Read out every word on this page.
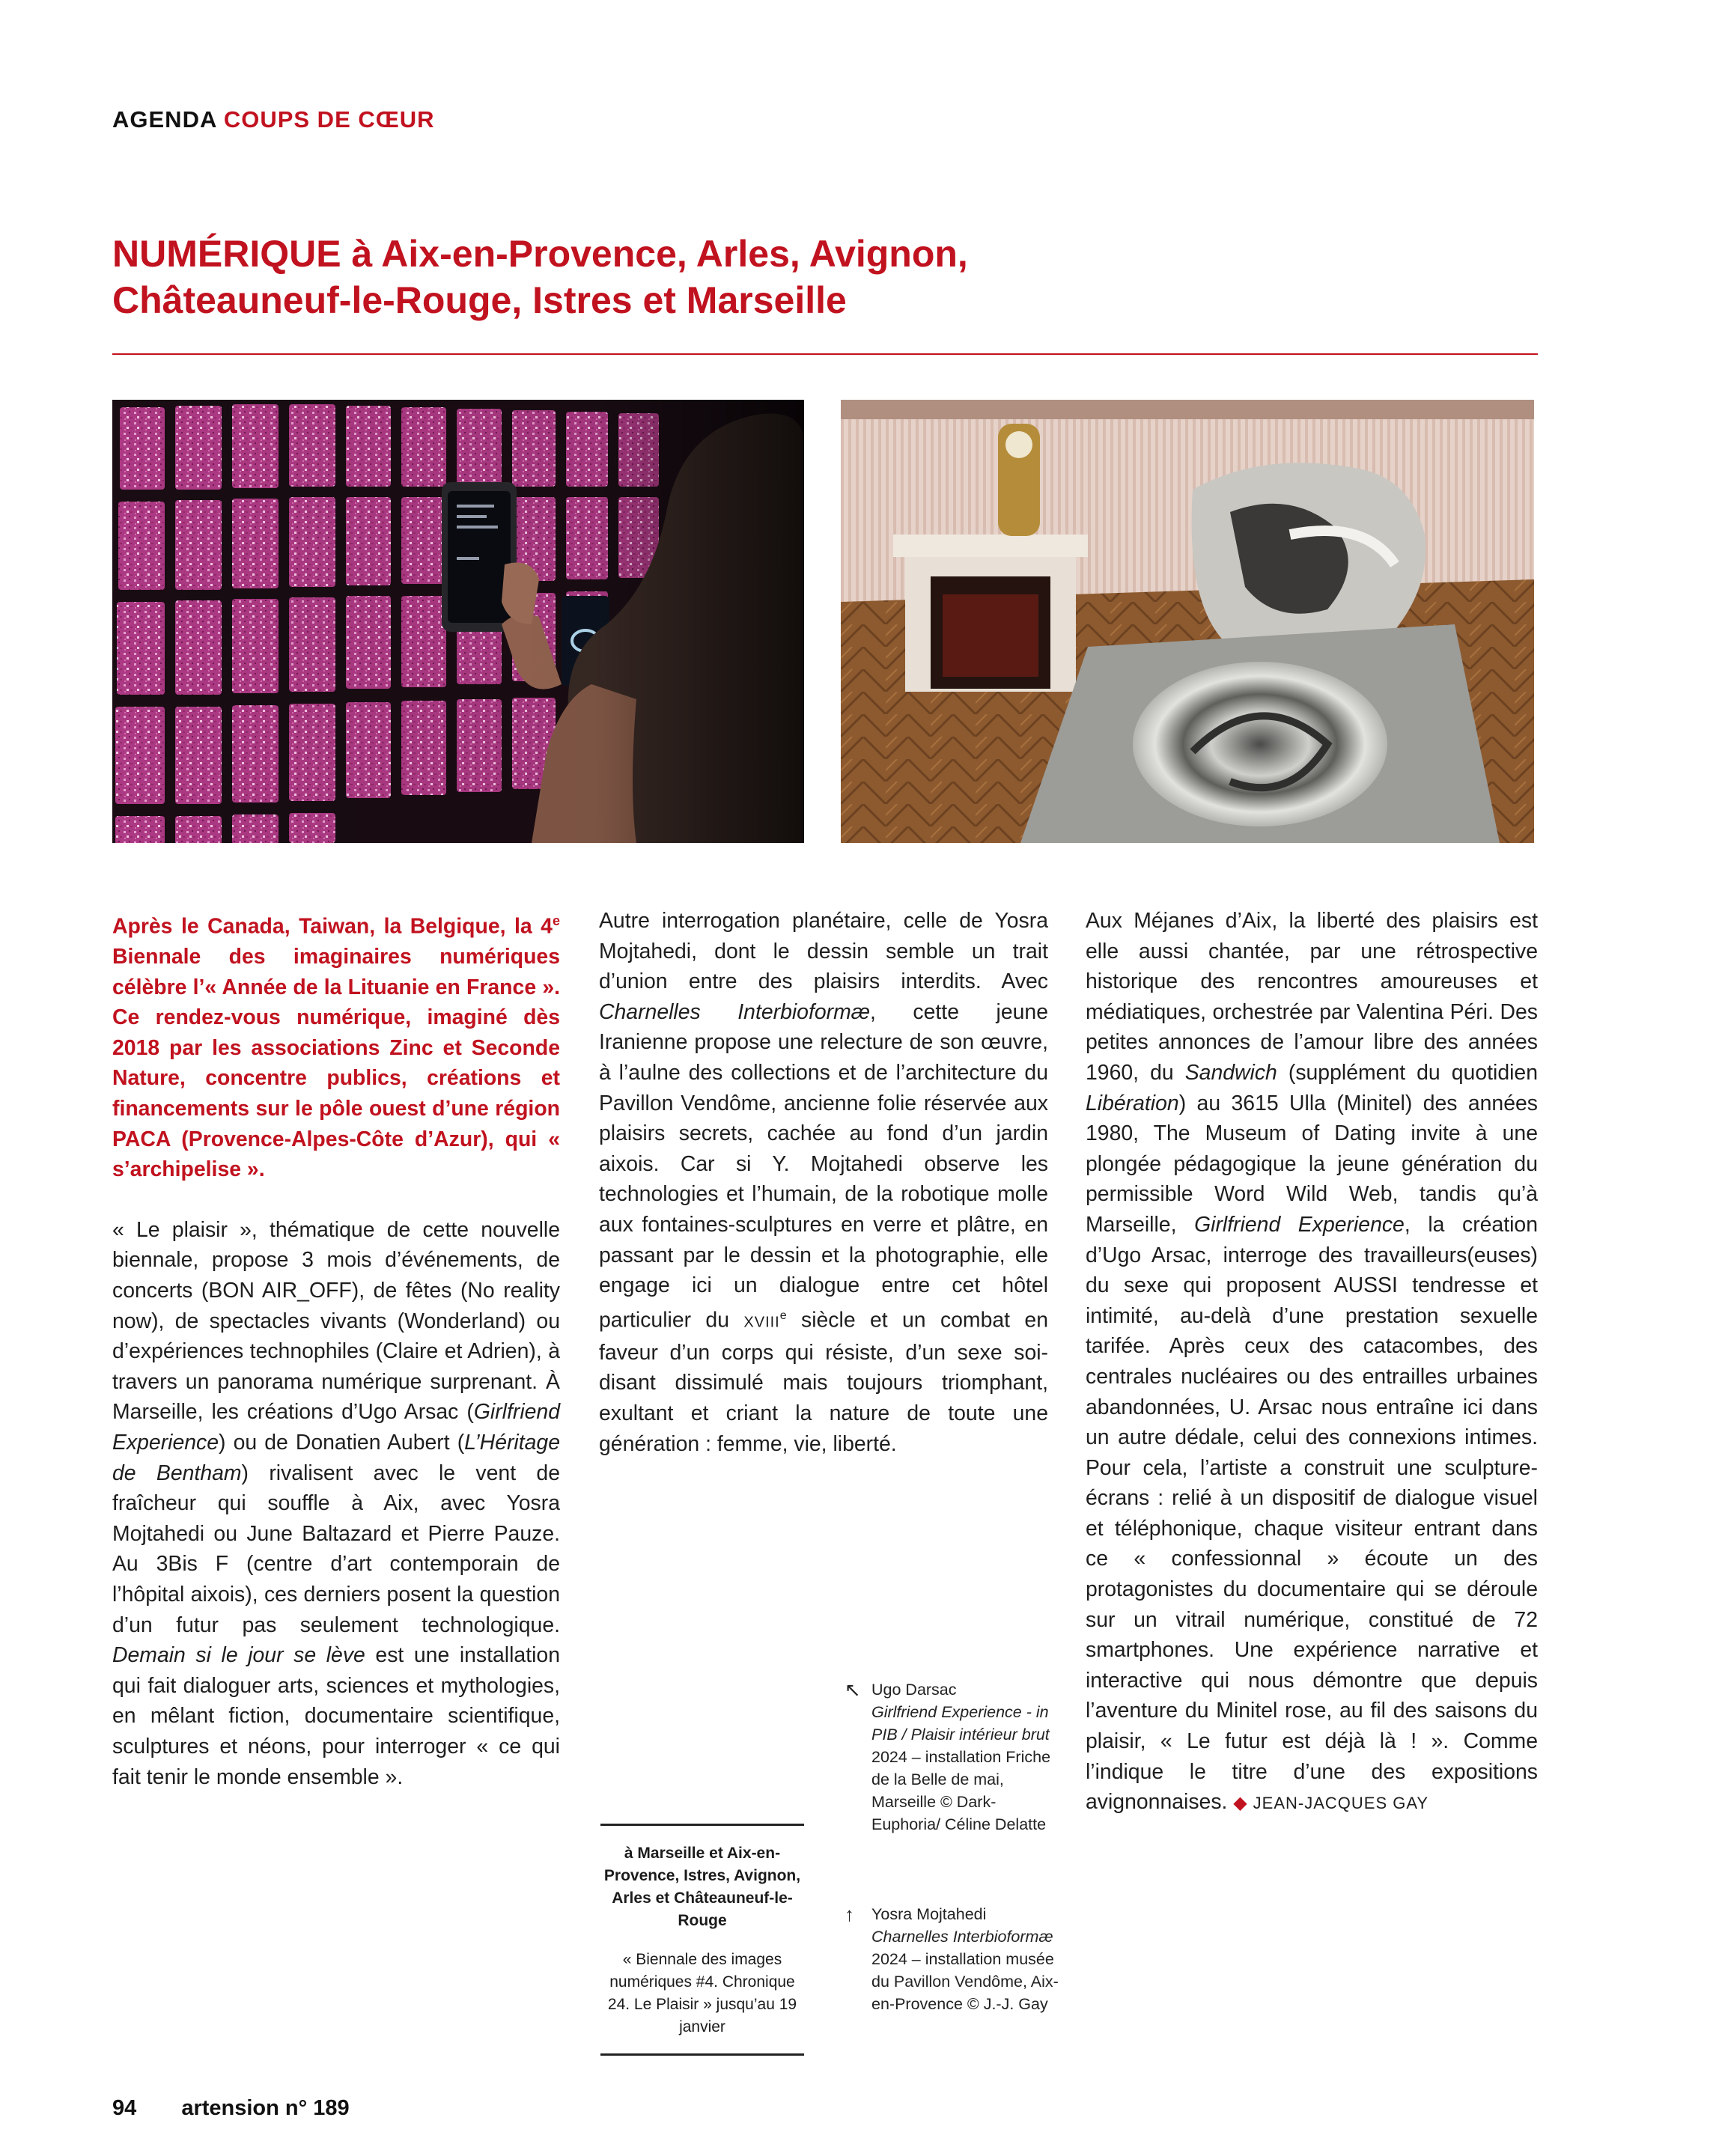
AGENDA COUPS DE CŒUR
NUMÉRIQUE à Aix-en-Provence, Arles, Avignon,
Châteauneuf-le-Rouge, Istres et Marseille

Après le Canada, Taiwan, la Belgique, la 4e Biennale des imaginaires numériques célèbre l’« Année de la Lituanie en France ». Ce rendez-vous numérique, imaginé dès 2018 par les associations Zinc et Seconde Nature, concentre publics, créations et financements sur le pôle ouest d’une région PACA (Provence-Alpes-Côte d’Azur), qui « s’archipelise ».

« Le plaisir », thématique de cette nouvelle biennale, propose 3 mois d’événements, de concerts (BON AIR_OFF), de fêtes (No reality now), de spectacles vivants (Wonderland) ou d’expériences technophiles (Claire et Adrien), à travers un panorama numérique surprenant. À Marseille, les créations d’Ugo Arsac (Girlfriend Experience) ou de Donatien Aubert (L’Héritage de Bentham) rivalisent avec le vent de fraîcheur qui souffle à Aix, avec Yosra Mojtahedi ou June Baltazard et Pierre Pauze. Au 3Bis F (centre d’art contemporain de l’hôpital aixois), ces derniers posent la question d’un futur pas seulement technologique. Demain si le jour se lève est une installation qui fait dialoguer arts, sciences et mythologies, en mêlant fiction, documentaire scientifique, sculptures et néons, pour interroger « ce qui fait tenir le monde ensemble ».

Autre interrogation planétaire, celle de Yosra Mojtahedi, dont le dessin semble un trait d’union entre des plaisirs interdits. Avec Charnelles Interbioformæ, cette jeune Iranienne propose une relecture de son œuvre, à l’aulne des collections et de l’architecture du Pavillon Vendôme, ancienne folie réservée aux plaisirs secrets, cachée au fond d’un jardin aixois. Car si Y. Mojtahedi observe les technologies et l’humain, de la robotique molle aux fontaines-sculptures en verre et plâtre, en passant par le dessin et la photographie, elle engage ici un dialogue entre cet hôtel particulier du XVIIIe siècle et un combat en faveur d’un corps qui résiste, d’un sexe soi-disant dissimulé mais toujours triomphant, exultant et criant la nature de toute une génération : femme, vie, liberté.

Aux Méjanes d’Aix, la liberté des plaisirs est elle aussi chantée, par une rétrospective historique des rencontres amoureuses et médiatiques, orchestrée par Valentina Péri. Des petites annonces de l’amour libre des années 1960, du Sandwich (supplément du quotidien Libération) au 3615 Ulla (Minitel) des années 1980, The Museum of Dating invite à une plongée pédagogique la jeune génération du permissible Word Wild Web, tandis qu’à Marseille, Girlfriend Experience, la création d’Ugo Arsac, interroge des travailleurs(euses) du sexe qui proposent AUSSI tendresse et intimité, au-delà d’une prestation sexuelle tarifée. Après ceux des catacombes, des centrales nucléaires ou des entrailles urbaines abandonnées, U. Arsac nous entraîne ici dans un autre dédale, celui des connexions intimes. Pour cela, l’artiste a construit une sculpture-écrans : relié à un dispositif de dialogue visuel et téléphonique, chaque visiteur entrant dans ce « confessionnal » écoute un des protagonistes du documentaire qui se déroule sur un vitrail numérique, constitué de 72 smartphones. Une expérience narrative et interactive qui nous démontre que depuis l’aventure du Minitel rose, au fil des saisons du plaisir, « Le futur est déjà là ! ». Comme l’indique le titre d’une des expositions avignonnaises. ◆ JEAN-JACQUES GAY

à Marseille et Aix-en-Provence, Istres, Avignon, Arles et Châteauneuf-le-Rouge
« Biennale des images numériques #4. Chronique 24. Le Plaisir » jusqu’au 19 janvier
↖ Ugo Darsac
Girlfriend Experience - in PIB / Plaisir intérieur brut
2024 – installation Friche de la Belle de mai, Marseille © Dark-Euphoria/ Céline Delatte
↑ Yosra Mojtahedi
Charnelles Interbioformæ
2024 – installation musée du Pavillon Vendôme, Aix-en-Provence © J.-J. Gay
94 artension n° 189
